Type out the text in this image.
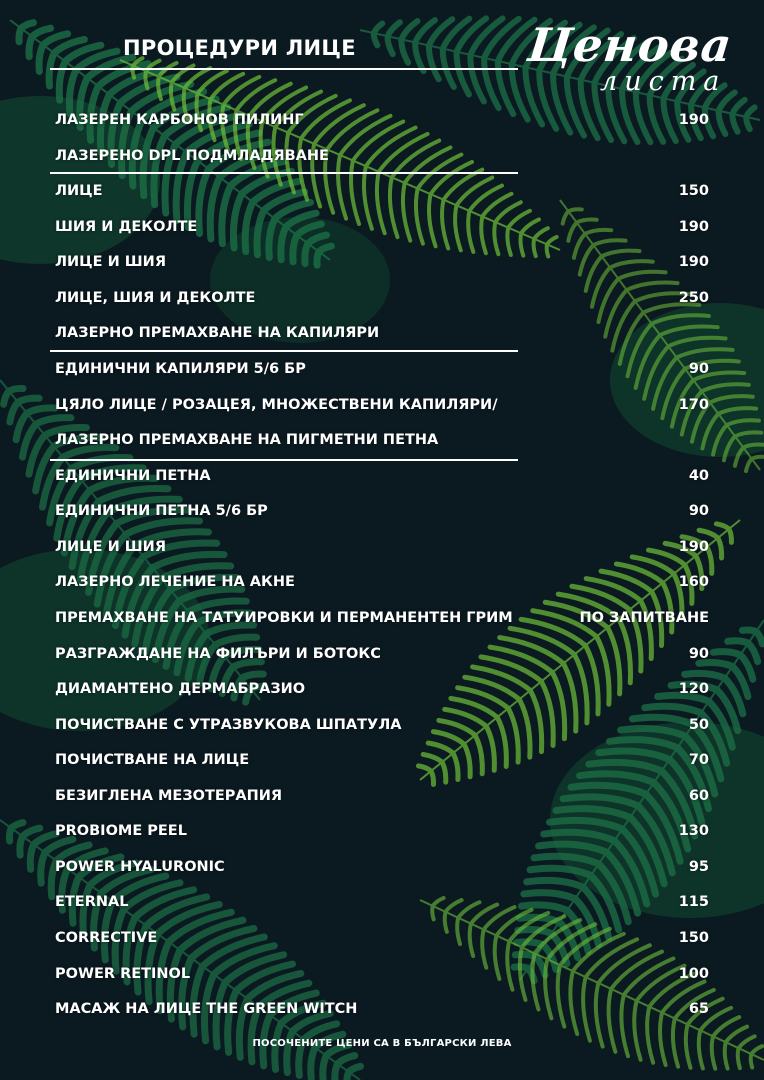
ПРОЦЕДУРИ ЛИЦЕ	Ценова
листа
ЛАЗЕРЕН КАРБОНОВ ПИЛИНГ	190
ЛАЗЕРЕНО DPL ПОДМЛАДЯВАНЕ
ЛИЦЕ	150
ШИЯ И ДЕКОЛТЕ	190
ЛИЦЕ И ШИЯ	190
ЛИЦЕ, ШИЯ И ДЕКОЛТЕ	250
ЛАЗЕРНО ПРЕМАХВАНЕ НА КАПИЛЯРИ
ЕДИНИЧНИ КАПИЛЯРИ 5/6 БР	90
ЦЯЛО ЛИЦЕ / РОЗАЦЕЯ, МНОЖЕСТВЕНИ КАПИЛЯРИ/	170
ЛАЗЕРНО ПРЕМАХВАНЕ НА ПИГМЕТНИ ПЕТНА
ЕДИНИЧНИ ПЕТНА	40
ЕДИНИЧНИ ПЕТНА 5/6 БР	90
ЛИЦЕ И ШИЯ	190
ЛАЗЕРНО ЛЕЧЕНИЕ НА АКНЕ	160
ПРЕМАХВАНЕ НА ТАТУИРОВКИ И ПЕРМАНЕНТЕН ГРИМ	ПО ЗАПИТВАНЕ
РАЗГРАЖДАНЕ НА ФИЛЪРИ И БОТОКС	90
ДИАМАНТЕНО ДЕРМАБРАЗИО	120
ПОЧИСТВАНЕ С УТРАЗВУКОВА ШПАТУЛА	50
ПОЧИСТВАНЕ НА ЛИЦЕ	70
БЕЗИГЛЕНА МЕЗОТЕРАПИЯ	60
PROBIOME PEEL	130
POWER HYALURONIC	95
ETERNAL	115
CORRECTIVE	150
POWER RETINOL	100
МАСАЖ НА ЛИЦЕ THE GREEN WITCH	65
ПОСОЧЕНИТЕ ЦЕНИ СА В БЪЛГАРСКИ ЛЕВА
